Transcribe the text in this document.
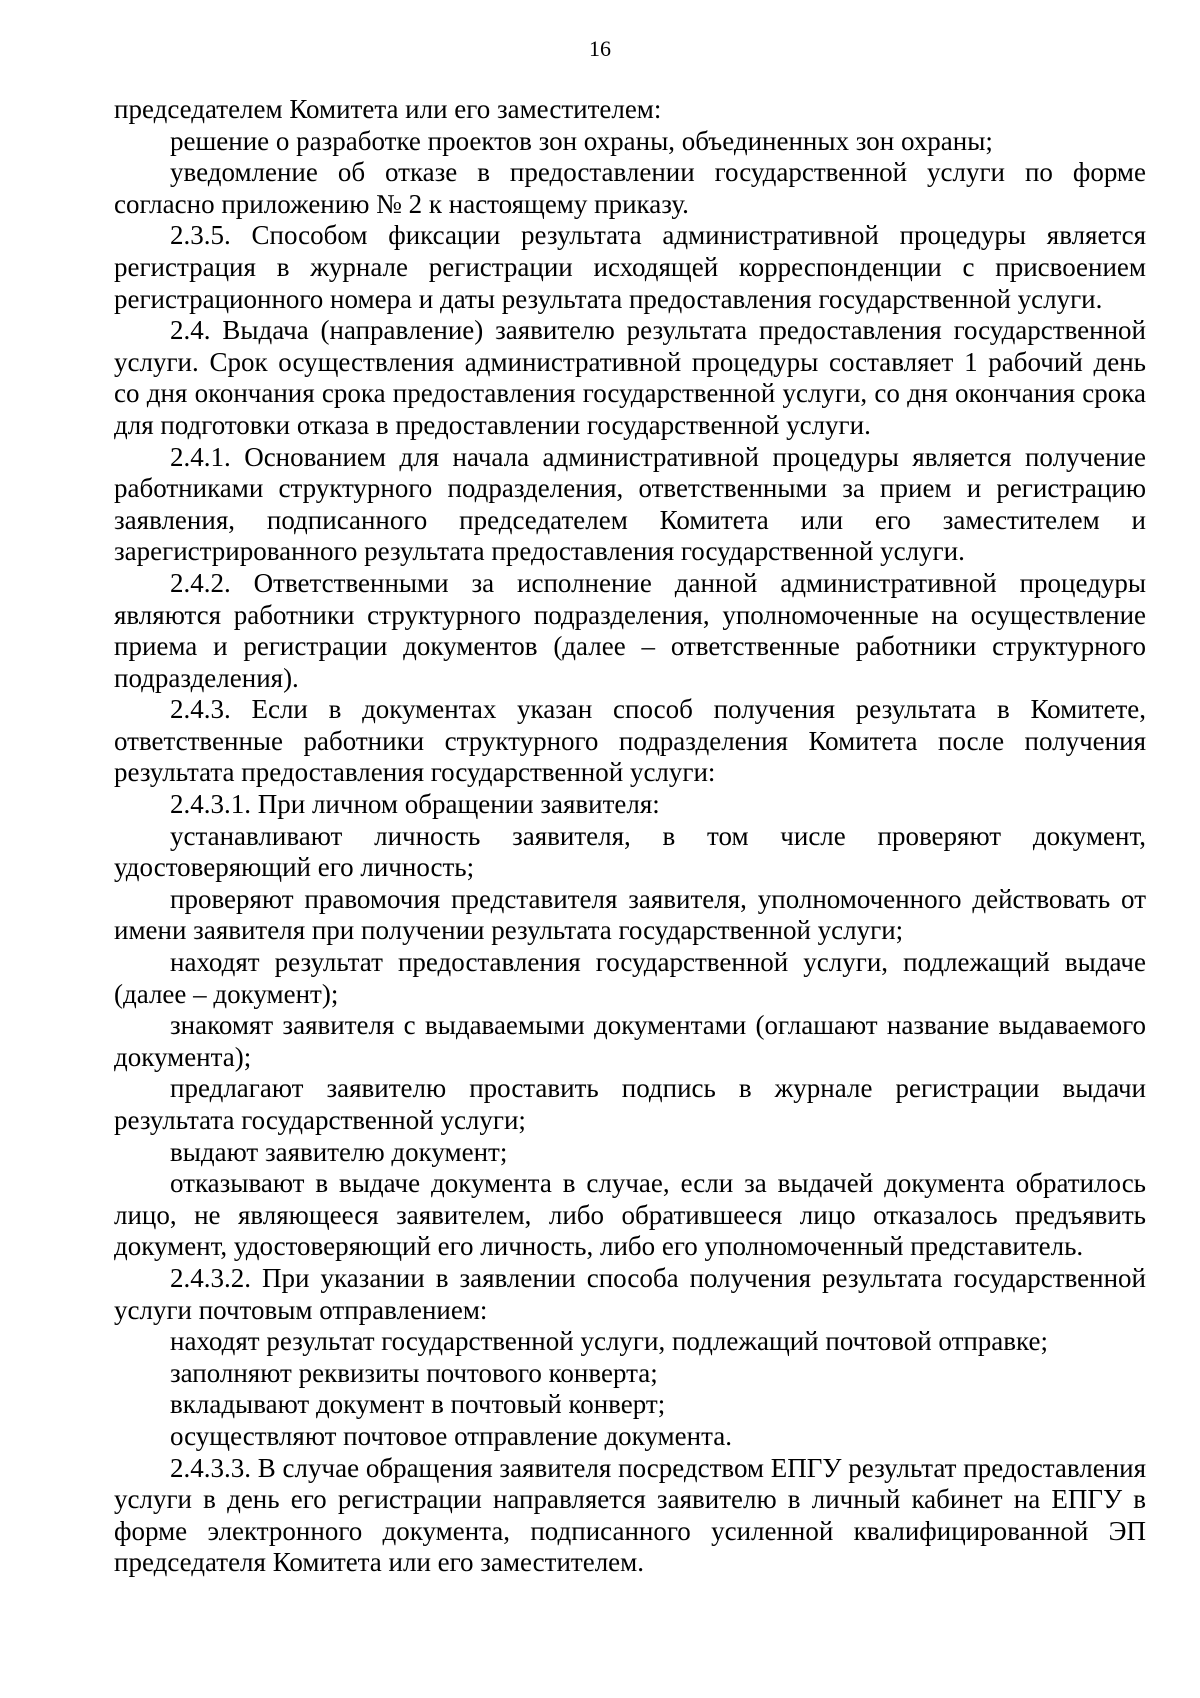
16

председателем Комитета или его заместителем:

решение о разработке проектов зон охраны, объединенных зон охраны;

уведомление об отказе в предоставлении государственной услуги по форме согласно приложению № 2 к настоящему приказу.

2.3.5. Способом фиксации результата административной процедуры является регистрация в журнале регистрации исходящей корреспонденции с присвоением регистрационного номера и даты результата предоставления государственной услуги.

2.4. Выдача (направление) заявителю результата предоставления государственной услуги. Срок осуществления административной процедуры составляет 1 рабочий день со дня окончания срока предоставления государственной услуги, со дня окончания срока для подготовки отказа в предоставлении государственной услуги.

2.4.1. Основанием для начала административной процедуры является получение работниками структурного подразделения, ответственными за прием и регистрацию заявления, подписанного председателем Комитета или его заместителем и зарегистрированного результата предоставления государственной услуги.

2.4.2. Ответственными за исполнение данной административной процедуры являются работники структурного подразделения, уполномоченные на осуществление приема и регистрации документов (далее – ответственные работники структурного подразделения).

2.4.3. Если в документах указан способ получения результата в Комитете, ответственные работники структурного подразделения Комитета после получения результата предоставления государственной услуги:

2.4.3.1. При личном обращении заявителя:

устанавливают личность заявителя, в том числе проверяют документ, удостоверяющий его личность;

проверяют правомочия представителя заявителя, уполномоченного действовать от имени заявителя при получении результата государственной услуги;

находят результат предоставления государственной услуги, подлежащий выдаче (далее – документ);

знакомят заявителя с выдаваемыми документами (оглашают название выдаваемого документа);

предлагают заявителю проставить подпись в журнале регистрации выдачи результата государственной услуги;

выдают заявителю документ;

отказывают в выдаче документа в случае, если за выдачей документа обратилось лицо, не являющееся заявителем, либо обратившееся лицо отказалось предъявить документ, удостоверяющий его личность, либо его уполномоченный представитель.

2.4.3.2. При указании в заявлении способа получения результата государственной услуги почтовым отправлением:

находят результат государственной услуги, подлежащий почтовой отправке;

заполняют реквизиты почтового конверта;

вкладывают документ в почтовый конверт;

осуществляют почтовое отправление документа.

2.4.3.3. В случае обращения заявителя посредством ЕПГУ результат предоставления услуги в день его регистрации направляется заявителю в личный кабинет на ЕПГУ в форме электронного документа, подписанного усиленной квалифицированной ЭП председателя Комитета или его заместителем.
